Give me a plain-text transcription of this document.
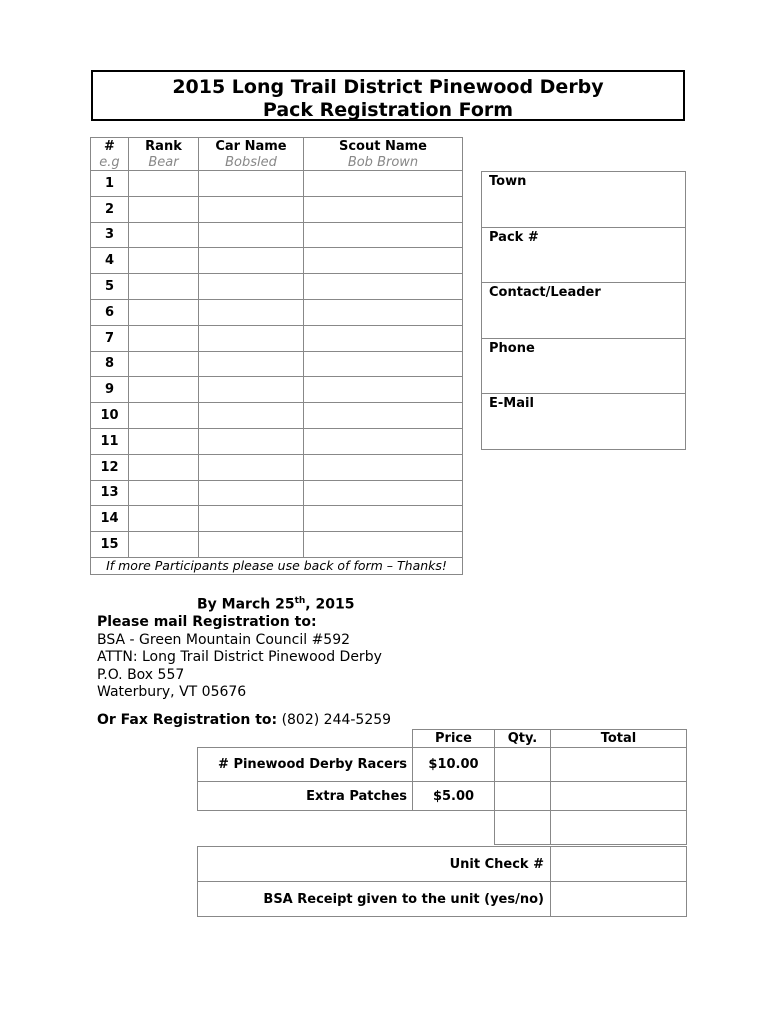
2015 Long Trail District Pinewood Derby
Pack Registration Form
#	Rank	Car Name	Scout Name
e.g	Bear	Bobsled	Bob Brown
1			
2			
3			
4			
5			
6			
7			
8			
9			
10			
11			
12			
13			
14			
15			
If more Participants please use back of form – Thanks!			
Town
Pack #
Contact/Leader
Phone
E-Mail
By March 25th, 2015
Please mail Registration to:
BSA - Green Mountain Council #592
ATTN: Long Trail District Pinewood Derby
P.O. Box 557
Waterbury, VT 05676
Or Fax Registration to: (802) 244-5259
	Price	Qty.	Total
# Pinewood Derby Racers	$10.00		
Extra Patches	$5.00		

Unit Check #	
BSA Receipt given to the unit (yes/no)	
